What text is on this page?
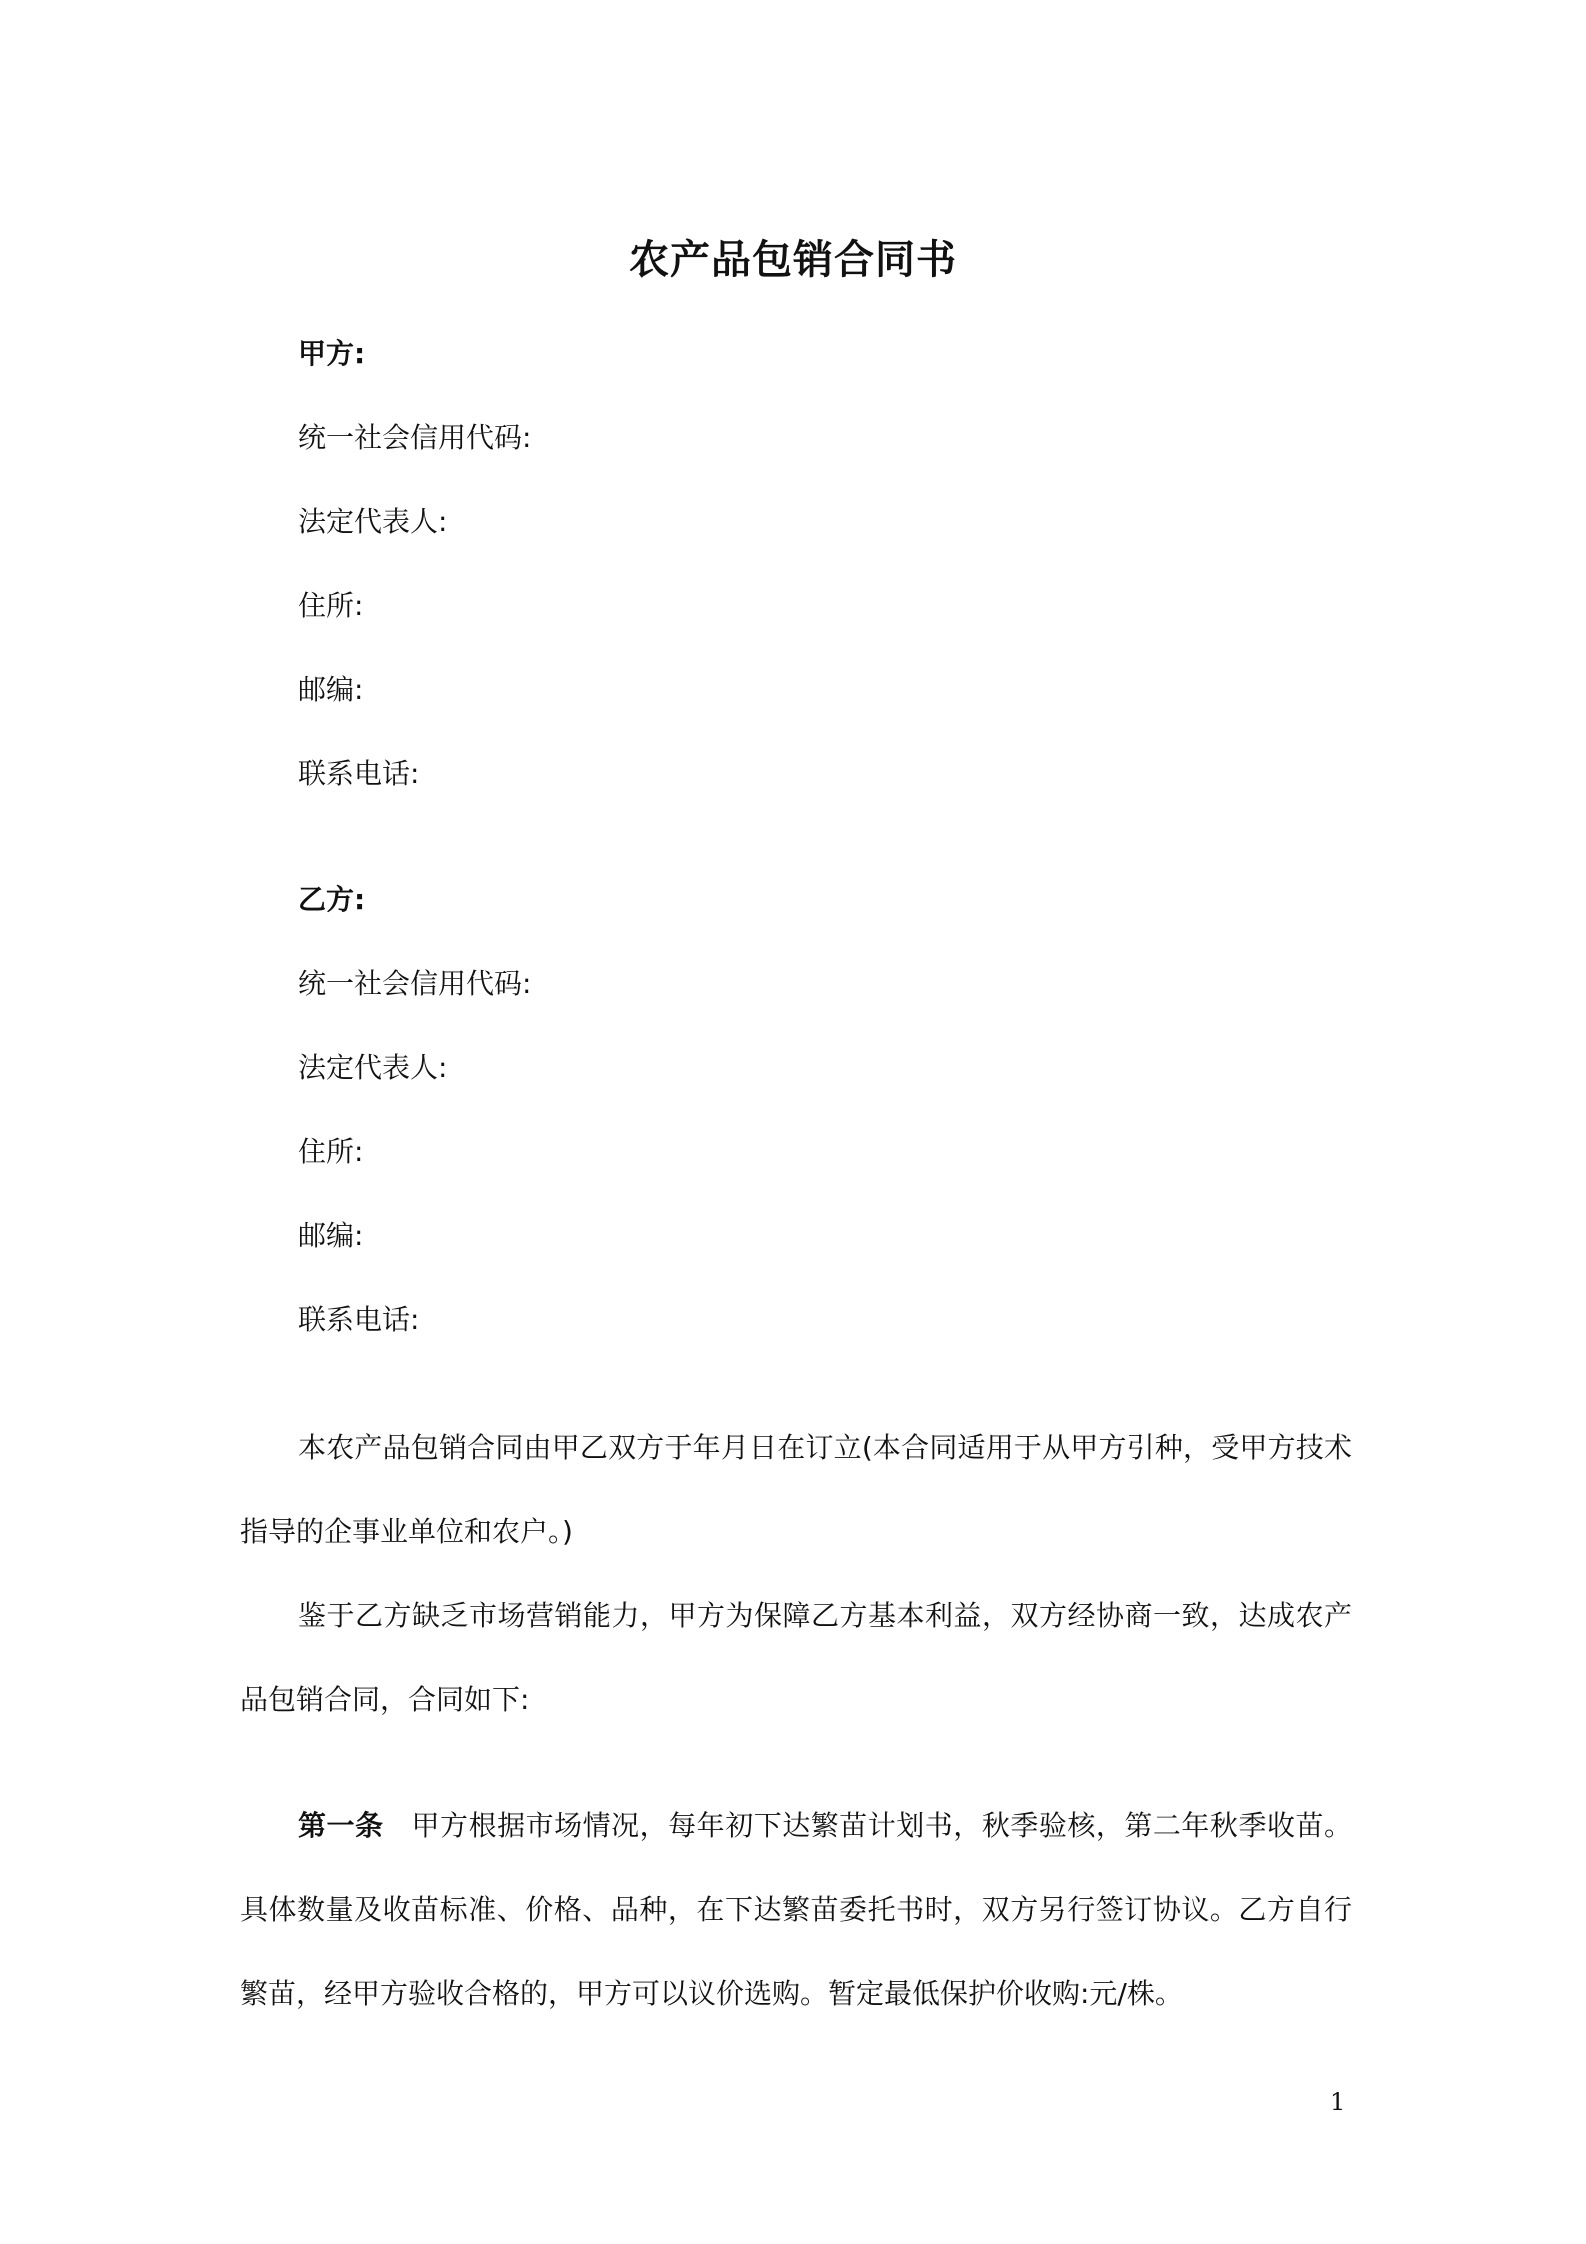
农产品包销合同书
甲方:
统一社会信用代码:
法定代表人:
住所:
邮编:
联系电话:
乙方:
统一社会信用代码:
法定代表人:
住所:
邮编:
联系电话:
本农产品包销合同由甲乙双方于年月日在订立(本合同适用于从甲方引种，受甲方技术指导的企事业单位和农户。)
鉴于乙方缺乏市场营销能力，甲方为保障乙方基本利益，双方经协商一致，达成农产品包销合同，合同如下:
第一条 甲方根据市场情况，每年初下达繁苗计划书，秋季验核，第二年秋季收苗。具体数量及收苗标准、价格、品种，在下达繁苗委托书时，双方另行签订协议。乙方自行繁苗，经甲方验收合格的，甲方可以议价选购。暂定最低保护价收购:元/株。
1
